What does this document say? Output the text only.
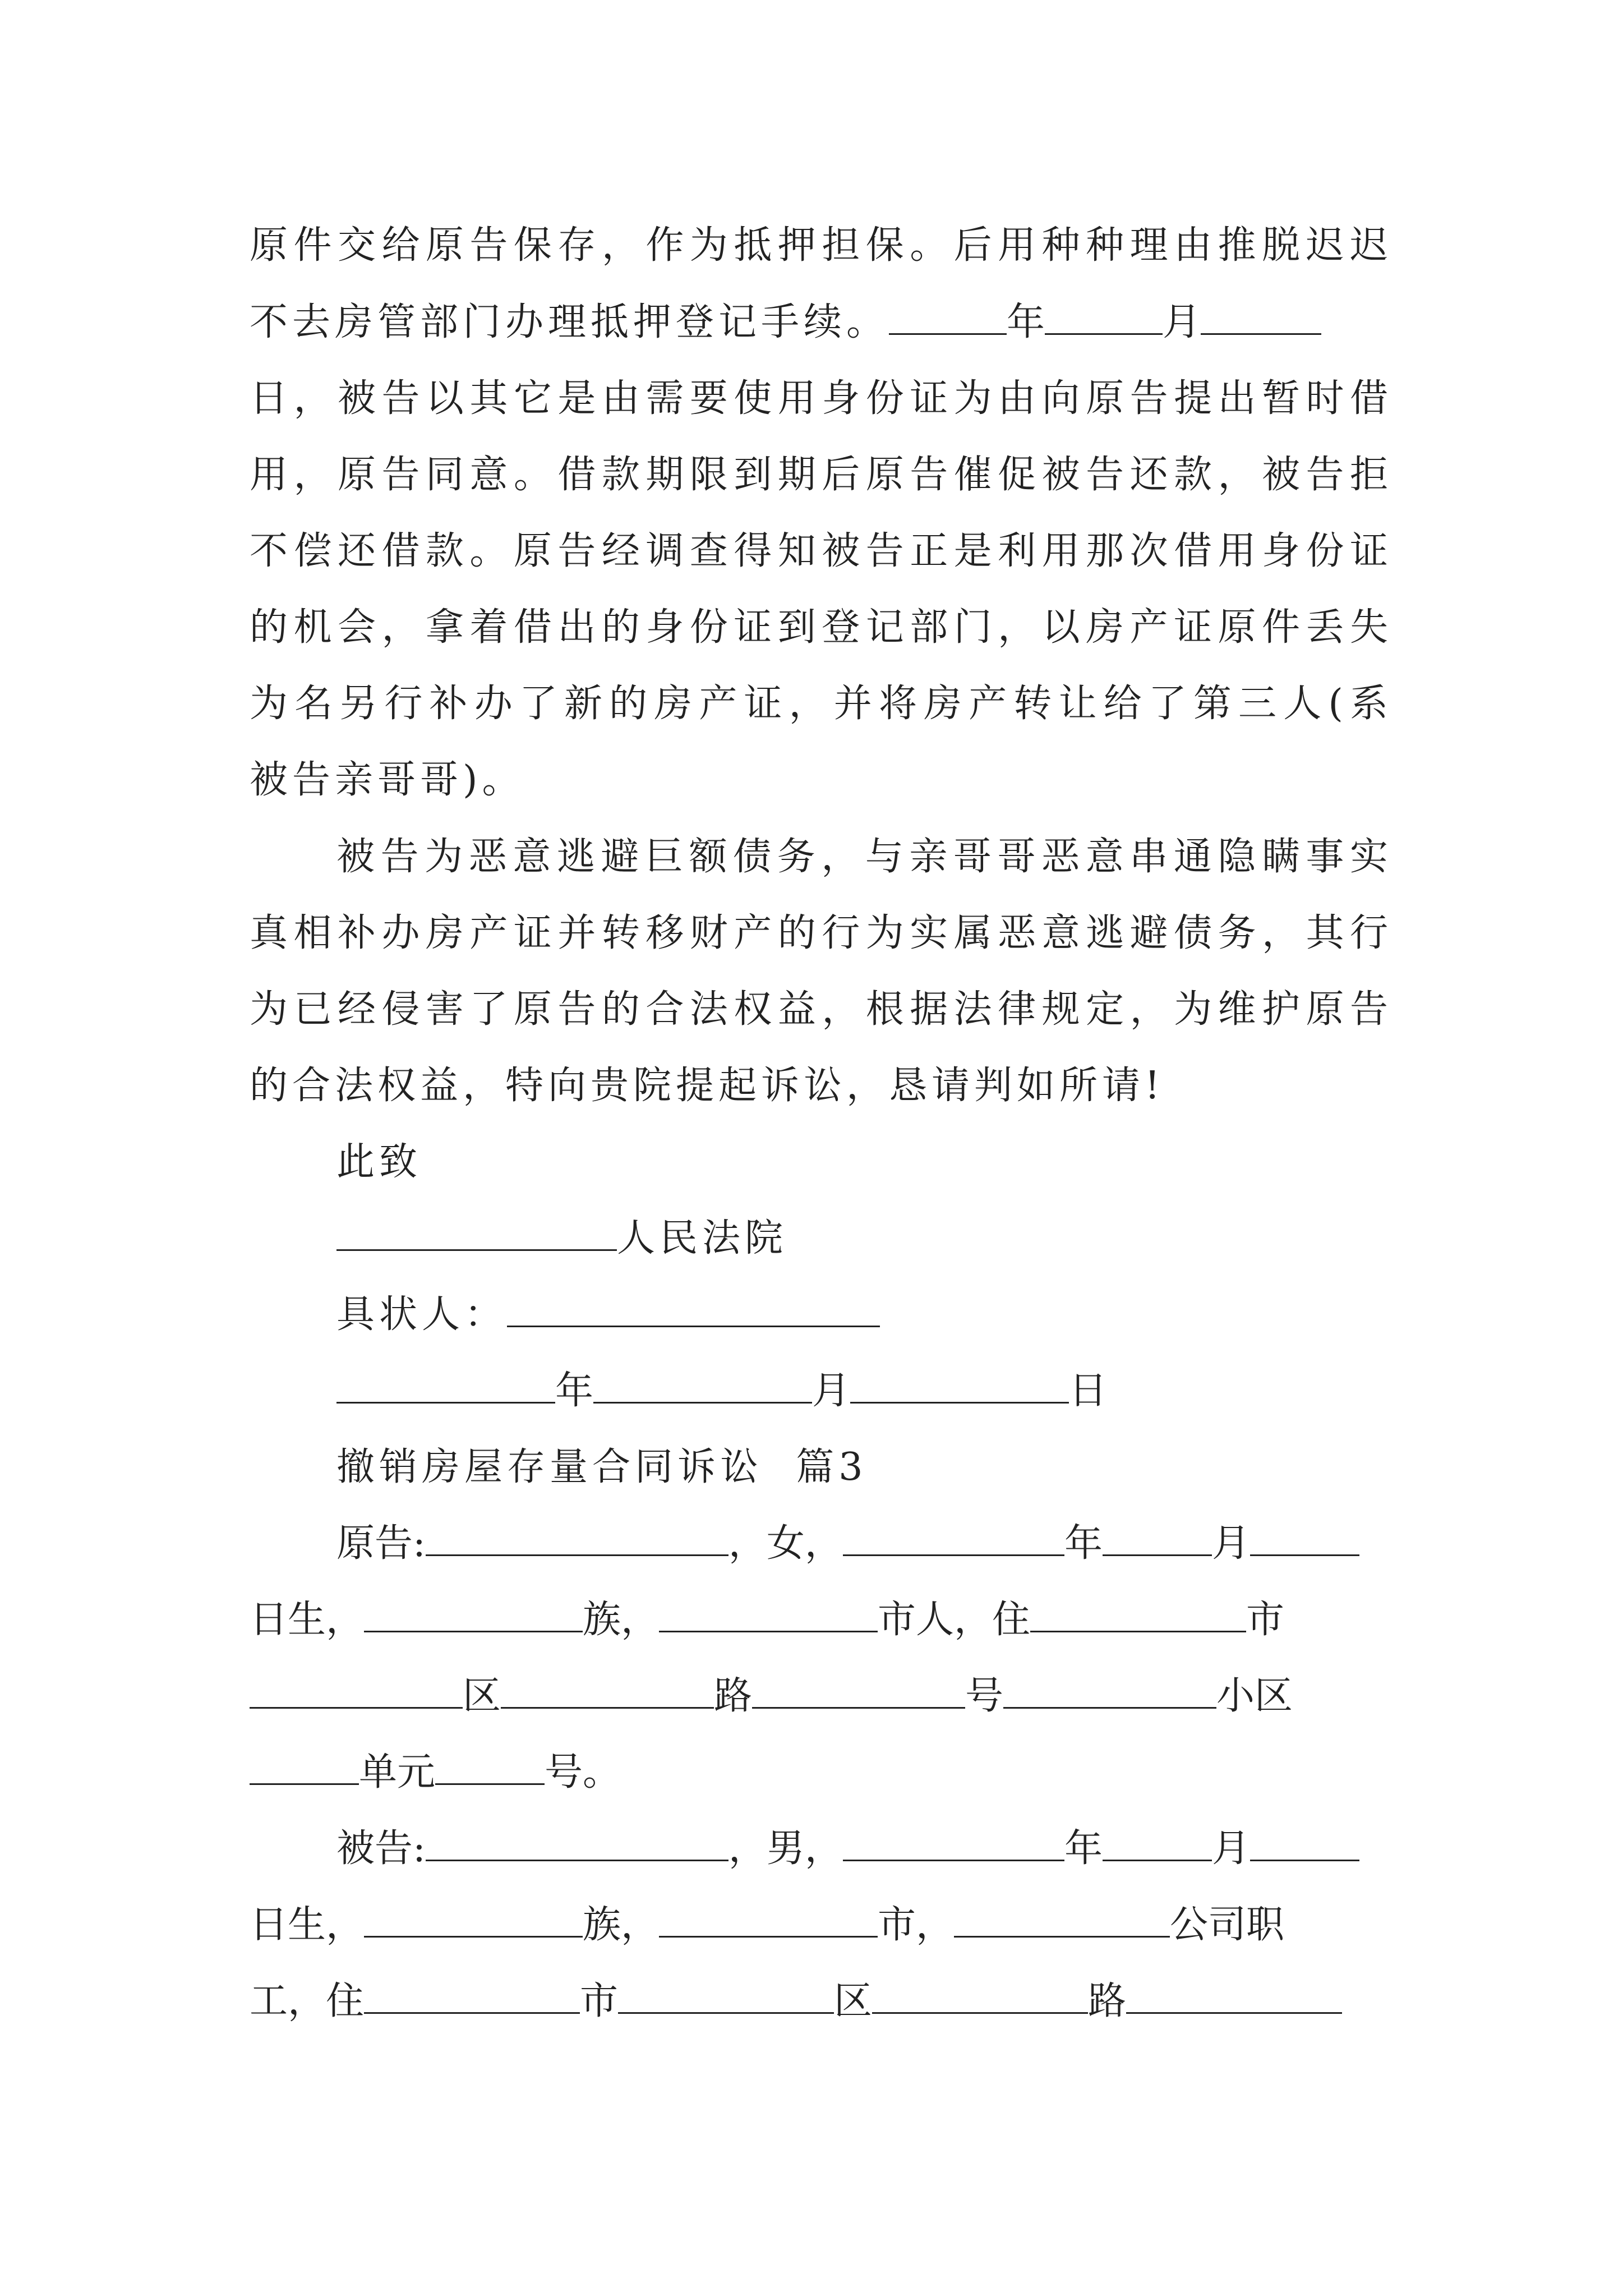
原件交给原告保存，作为抵押担保。后用种种理由推脱迟迟
不去房管部门办理抵押登记手续。	年	月
日，被告以其它是由需要使用身份证为由向原告提出暂时借
用，原告同意。借款期限到期后原告催促被告还款，被告拒
不偿还借款。原告经调查得知被告正是利用那次借用身份证
的机会，拿着借出的身份证到登记部门，以房产证原件丢失
为名另行补办了新的房产证，并将房产转让给了第三人(系
被告亲哥哥)。
被告为恶意逃避巨额债务，与亲哥哥恶意串通隐瞒事实
真相补办房产证并转移财产的行为实属恶意逃避债务，其行
为已经侵害了原告的合法权益，根据法律规定，为维护原告
的合法权益，特向贵院提起诉讼，恳请判如所请!
此致
人民法院
具状人：
年	月	日
撤销房屋存量合同诉讼  篇3
原告:	，女，	年	月
日生，	族，	市人，住	市
区	路	号	小区
单元	号。
被告:	，男，	年	月
日生，	族，	市，	公司职
工，住	市	区	路
